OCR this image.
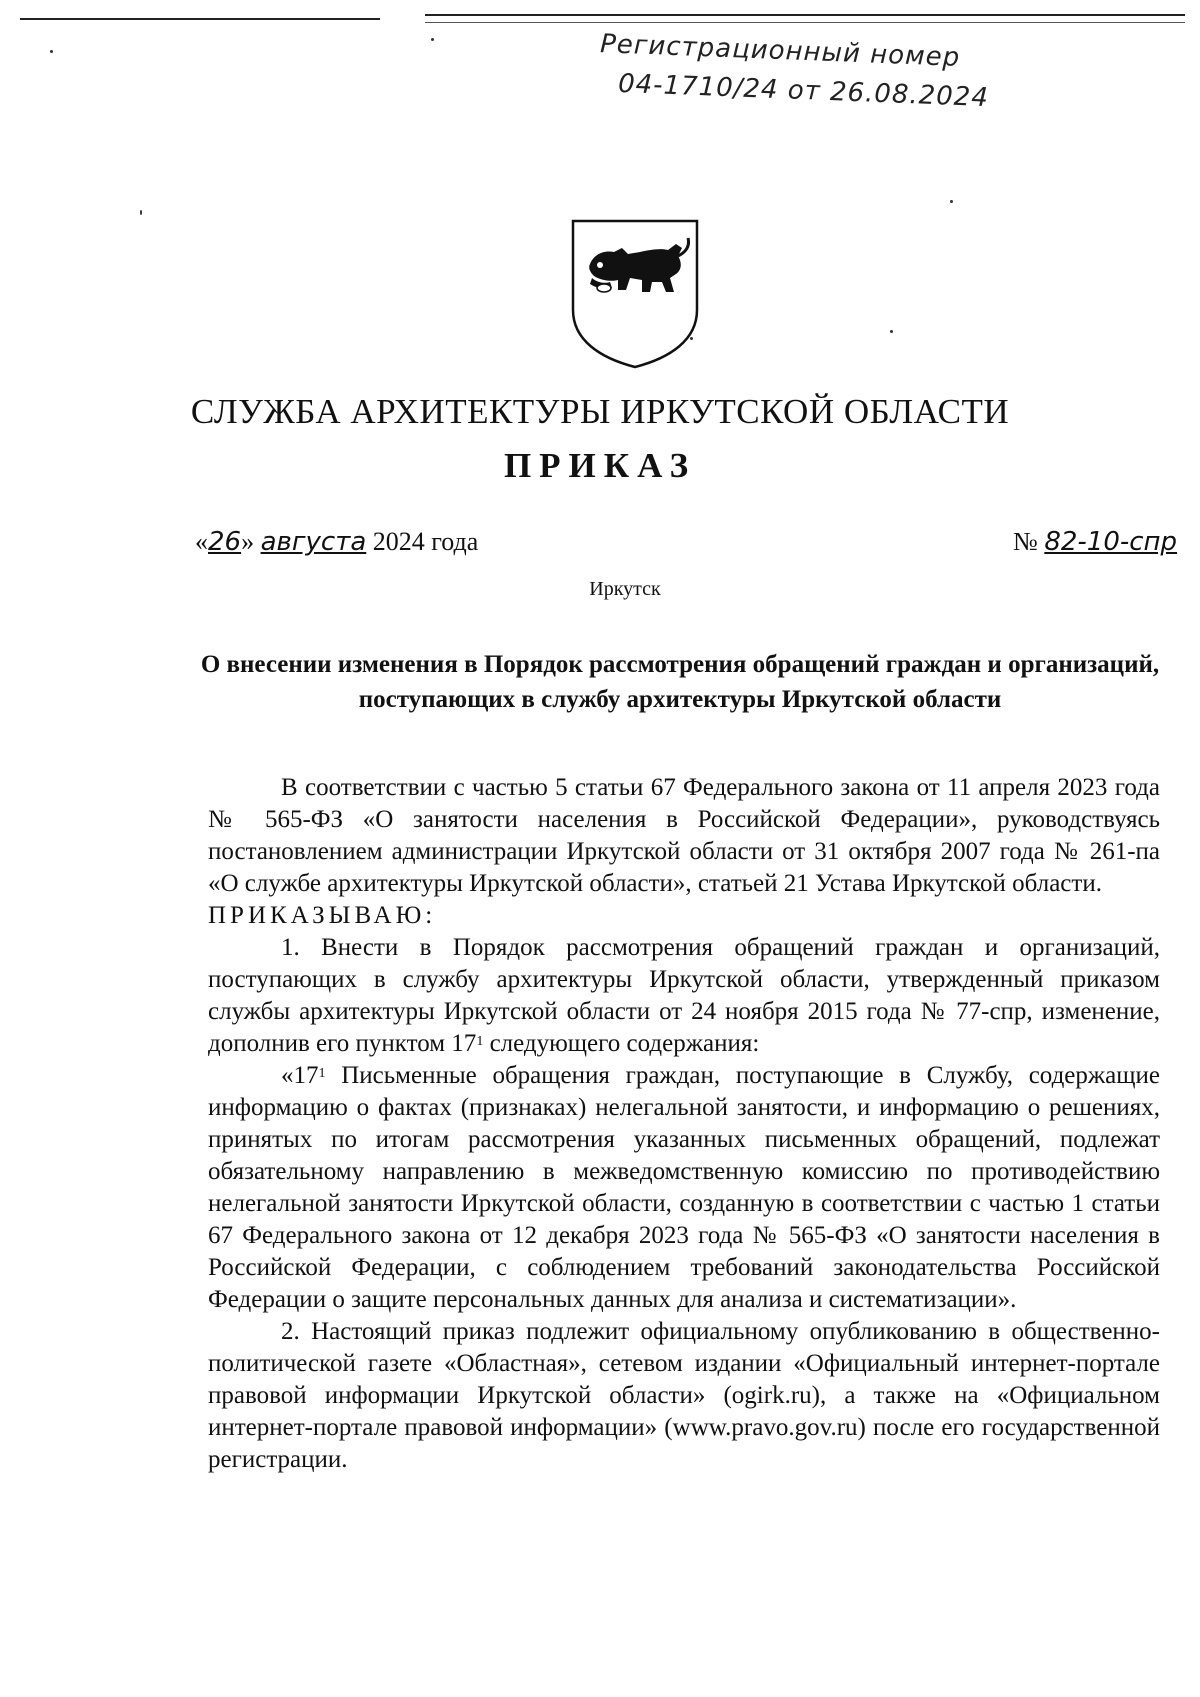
Регистрационный номер
04-1710/24 от 26.08.2024
СЛУЖБА АРХИТЕКТУРЫ ИРКУТСКОЙ ОБЛАСТИ
ПРИКАЗ
«26» августа 2024 года	№ 82-10-спр
Иркутск
О внесении изменения в Порядок рассмотрения обращений граждан и организаций, поступающих в службу архитектуры Иркутской области

В соответствии с частью 5 статьи 67 Федерального закона от 11 апреля 2023 года № 565-ФЗ «О занятости населения в Российской Федерации», руководствуясь постановлением администрации Иркутской области от 31 октября 2007 года № 261-па «О службе архитектуры Иркутской области», статьей 21 Устава Иркутской области.

ПРИКАЗЫВАЮ:

1. Внести в Порядок рассмотрения обращений граждан и организаций, поступающих в службу архитектуры Иркутской области, утвержденный приказом службы архитектуры Иркутской области от 24 ноября 2015 года № 77-спр, изменение, дополнив его пунктом $17^1$ следующего содержания:

«$17^1$ Письменные обращения граждан, поступающие в Службу, содержащие информацию о фактах (признаках) нелегальной занятости, и информацию о решениях, принятых по итогам рассмотрения указанных письменных обращений, подлежат обязательному направлению в межведомственную комиссию по противодействию нелегальной занятости Иркутской области, созданную в соответствии с частью 1 статьи 67 Федерального закона от 12 декабря 2023 года № 565-ФЗ «О занятости населения в Российской Федерации, с соблюдением требований законодательства Российской Федерации о защите персональных данных для анализа и систематизации».

2. Настоящий приказ подлежит официальному опубликованию в общественно-политической газете «Областная», сетевом издании «Официальный интернет-портале правовой информации Иркутской области» (ogirk.ru), а также на «Официальном интернет-портале правовой информации» (www.pravo.gov.ru) после его государственной регистрации.
